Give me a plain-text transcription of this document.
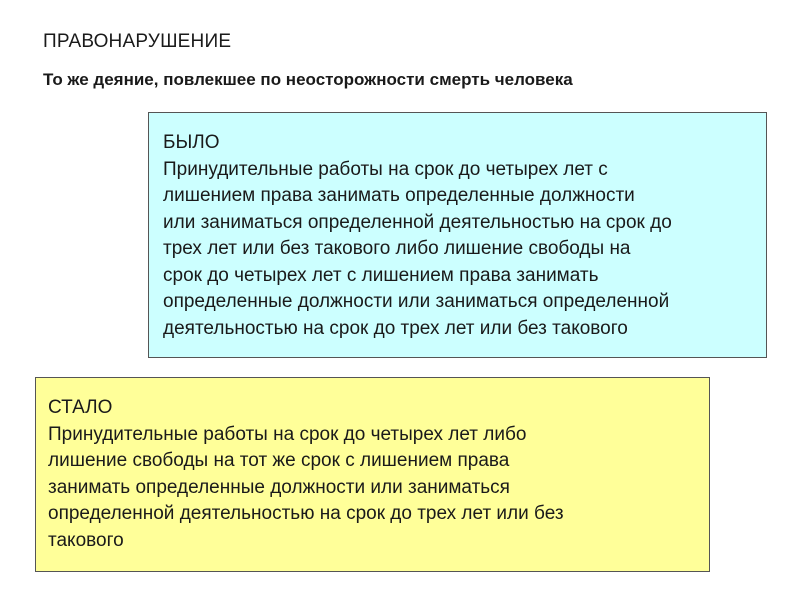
ПРАВОНАРУШЕНИЕ
То же деяние, повлекшее по неосторожности смерть человека
БЫЛО
Принудительные работы на срок до четырех лет с
лишением права занимать определенные должности
или заниматься определенной деятельностью на срок до
трех лет или без такового либо лишение свободы на
срок до четырех лет с лишением права занимать
определенные должности или заниматься определенной
деятельностью на срок до трех лет или без такового
СТАЛО
Принудительные работы на срок до четырех лет либо
лишение свободы на тот же срок с лишением права
занимать определенные должности или заниматься
определенной деятельностью на срок до трех лет или без
такового
